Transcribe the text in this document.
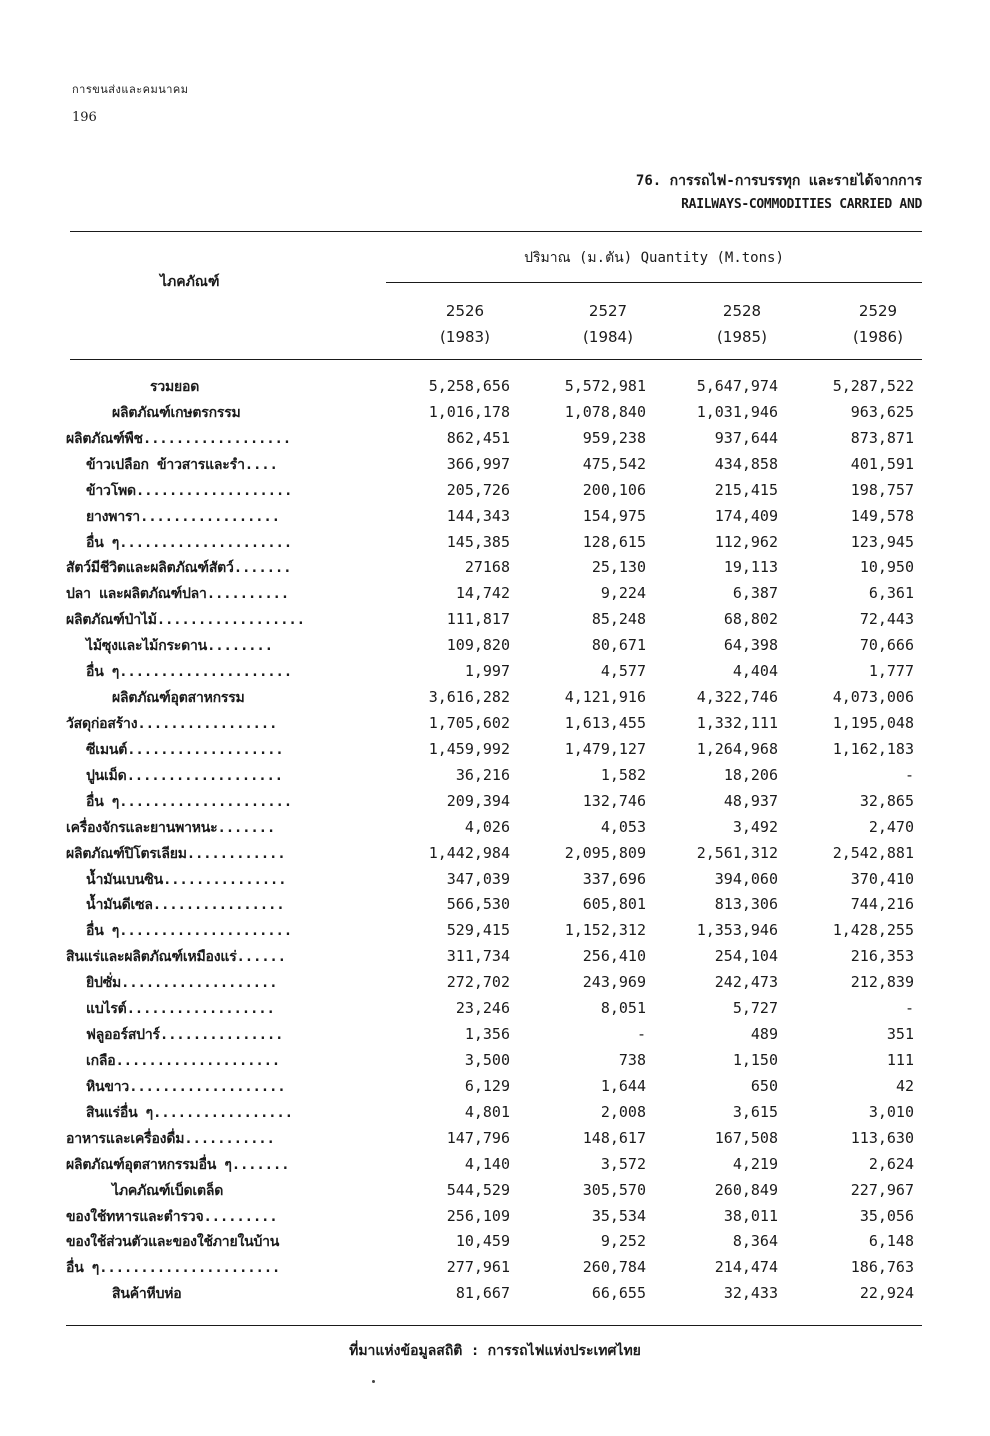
การขนส่งและคมนาคม
196
76. การรถไฟ-การบรรทุก และรายได้จากการ
RAILWAYS-COMMODITIES CARRIED AND
ไภคภัณฑ์
ปริมาณ (ม.ตัน) Quantity (M.tons)
2526
(1983)
2527
(1984)
2528
(1985)
2529
(1986)
รวมยอด	5,258,656	5,572,981	5,647,974	5,287,522
ผลิตภัณฑ์เกษตรกรรม	1,016,178	1,078,840	1,031,946	963,625
ผลิตภัณฑ์พืช..................	862,451	959,238	937,644	873,871
ข้าวเปลือก ข้าวสารและรำ....	366,997	475,542	434,858	401,591
ข้าวโพด...................	205,726	200,106	215,415	198,757
ยางพารา.................	144,343	154,975	174,409	149,578
อื่น ๆ.....................	145,385	128,615	112,962	123,945
สัตว์มีชีวิตและผลิตภัณฑ์สัตว์.......	27168	25,130	19,113	10,950
ปลา และผลิตภัณฑ์ปลา..........	14,742	9,224	6,387	6,361
ผลิตภัณฑ์ป่าไม้..................	111,817	85,248	68,802	72,443
ไม้ซุงและไม้กระดาน........	109,820	80,671	64,398	70,666
อื่น ๆ.....................	1,997	4,577	4,404	1,777
ผลิตภัณฑ์อุตสาหกรรม	3,616,282	4,121,916	4,322,746	4,073,006
วัสดุก่อสร้าง.................	1,705,602	1,613,455	1,332,111	1,195,048
ซีเมนต์...................	1,459,992	1,479,127	1,264,968	1,162,183
ปูนเม็ด...................	36,216	1,582	18,206	-
อื่น ๆ.....................	209,394	132,746	48,937	32,865
เครื่องจักรและยานพาหนะ.......	4,026	4,053	3,492	2,470
ผลิตภัณฑ์ปิโตรเลียม............	1,442,984	2,095,809	2,561,312	2,542,881
น้ำมันเบนซิน...............	347,039	337,696	394,060	370,410
น้ำมันดีเซล................	566,530	605,801	813,306	744,216
อื่น ๆ.....................	529,415	1,152,312	1,353,946	1,428,255
สินแร่และผลิตภัณฑ์เหมืองแร่......	311,734	256,410	254,104	216,353
ยิปซั่ม...................	272,702	243,969	242,473	212,839
แบไรต์..................	23,246	8,051	5,727	-
ฟลูออร์สปาร์...............	1,356	-	489	351
เกลือ....................	3,500	738	1,150	111
หินขาว...................	6,129	1,644	650	42
สินแร่อื่น ๆ.................	4,801	2,008	3,615	3,010
อาหารและเครื่องดื่ม...........	147,796	148,617	167,508	113,630
ผลิตภัณฑ์อุตสาหกรรมอื่น ๆ.......	4,140	3,572	4,219	2,624
ไภคภัณฑ์เบ็ดเตล็ด	544,529	305,570	260,849	227,967
ของใช้ทหารและตำรวจ.........	256,109	35,534	38,011	35,056
ของใช้ส่วนตัวและของใช้ภายในบ้าน	10,459	9,252	8,364	6,148
อื่น ๆ......................	277,961	260,784	214,474	186,763
สินค้าหีบห่อ	81,667	66,655	32,433	22,924
ที่มาแห่งข้อมูลสถิติ : การรถไฟแห่งประเทศไทย
